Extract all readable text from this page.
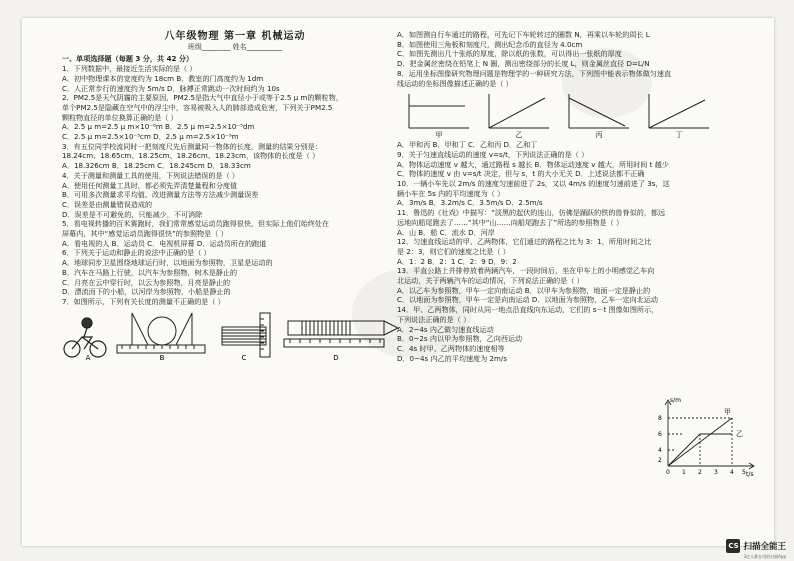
八年级物理 第一章 机械运动
班级________ 姓名__________
一、单项选择题（每题 3 分，共 42 分）
1．下列数据中，最接近生活实际的是（ ）
A．初中物理课本的宽度约为 18cm B．教室的门高度约为 1dm
C．人正常步行的速度约为 5m/s D．脉搏正常跳动一次时间约为 10s
2．PM2.5是天气阴霾的主要原因，PM2.5是指大气中直径小于或等于2.5 μ m的颗粒物，
单个PM2.5是隐藏在空气中的浮尘中，容易被吸入人的肺部造成危害，下列关于PM2.5
颗粒物直径的单位换算正确的是（ ）
A．2.5 μ m=2.5 μ m×10⁻⁶m B．2.5 μ m=2.5×10⁻⁵dm
C．2.5 μ m=2.5×10⁻⁵cm D．2.5 μ m=2.5×10⁻⁹m
3．有五位同学校流同时一把刻度尺先后测量同一物体的长度，测量的结果分别是：
18.24cm、18.65cm、18.25cm、18.26cm、18.23cm，该物体的长度是（ ）
A．18.326cm B．18.25cm C．18.245cm D．18.33cm
4．关于测量和测量工具的使用，下列说法错误的是（ ）
A．使用任何测量工具时，都必须先弄清楚量程和分度值
B．可用多次测量求平均值、改进测量方法等方法减少测量误差
C．误差是由测量错误造成的
D．误差是不可避免的，只能减少，不可消除
5．看电视转播的百米赛跑时，我们常常感觉运动员跑得很快，但实际上他们始终处在
屏幕内，其中“感觉运动员跑得很快”的参照物是（ ）
A．看电视的人 B．运动员 C．电视机屏幕 D．运动员所在的跑道
6．下列关于运动和静止的说法中正确的是（ ）
A．地球同步卫星围绕地球运行时，以地面为参照物，卫星是运动的
B．汽车在马路上行驶，以汽车为参照物，树木是静止的
C．月亮在云中穿行时，以云为参照物，月亮是静止的
D．漂流而下的小船，以河岸为参照物，小船是静止的
7．如图所示，下列有关长度的测量不正确的是（ ）
A	B	C	D
A．如图测自行车通过的路程，可先记下车轮转过的圈数 N，再乘以车轮的周长 L
B．如图使用三角板和刻度尺，测出纪念币的直径为 4.0cm
C．如图先测出几十张纸的厚度，除以纸的张数，可以得出一张纸的厚度
D．把金属丝密绕在铅笔上 N 圈，测出密绕部分的长度 L，则金属丝直径 D=L/N
8．运用坐标图像研究物理问题是物理学的一种研究方法，下列图中能表示物体做匀速直
线运动的坐标图像描述正确的是（ ）
甲	乙	丙	丁
A．甲和丙 B．甲和丁 C．乙和丙 D．乙和丁
9．关于匀速直线运动的速度 v=s/t，下列说法正确的是（ ）
A．物体运动速度 v 越大，通过路程 s 越长 B．物体运动速度 v 越大，所用时间 t 越少
C．物体的速度 v 由 v=s/t 决定，但与 s，t 的大小无关 D．上述说法都不正确
10．一辆小车先以 2m/s 的速度匀速前进了 2s，又以 4m/s 的速度匀速前进了 3s，这
辆小车在 5s 内的平均速度为（ ）
A．3m/s B．3.2m/s C．3.5m/s D．2.5m/s
11．鲁迅的《社戏》中描写：“淡黑的起伏的连山，仿佛是踊跃的铁的兽脊似的，都远
远地向船尾跑去了……”其中“山……向船尾跑去了”所选的参照物是（ ）
A．山 B．船 C．流水 D．河岸
12．匀速直线运动的甲、乙两物体，它们通过的路程之比为 3：1，所用时间之比
是 2：3，则它们的速度之比是（ ）
A．1：2 B．2：1 C．2：9 D．9：2
13．平直公路上并排停放着两辆汽车，一段时间后，坐在甲车上的小明感觉乙车向
北运动，关于两辆汽车的运动情况，下列说法正确的是（ ）
A．以乙车为参照物，甲车一定向南运动 B．以甲车为参照物，地面一定是静止的
C．以地面为参照物，甲车一定是向南运动 D．以地面为参照物，乙车一定向北运动
14．甲、乙两物体，同时从同一地点沿直线向东运动，它们的 s－t 图像如图所示，
下列说法正确的是（ ）
A．2~4s 内乙做匀速直线运动
B．0~2s 内以甲为参照物，乙向西运动
C．4s 时甲、乙两物体的速度相等
D．0~4s 内乙的平均速度为 2m/s
s/m
t/s
8
6
4
2
0 1 2 3 4 5
甲
乙
CS 扫描全能王
3亿人都在用的扫描App
